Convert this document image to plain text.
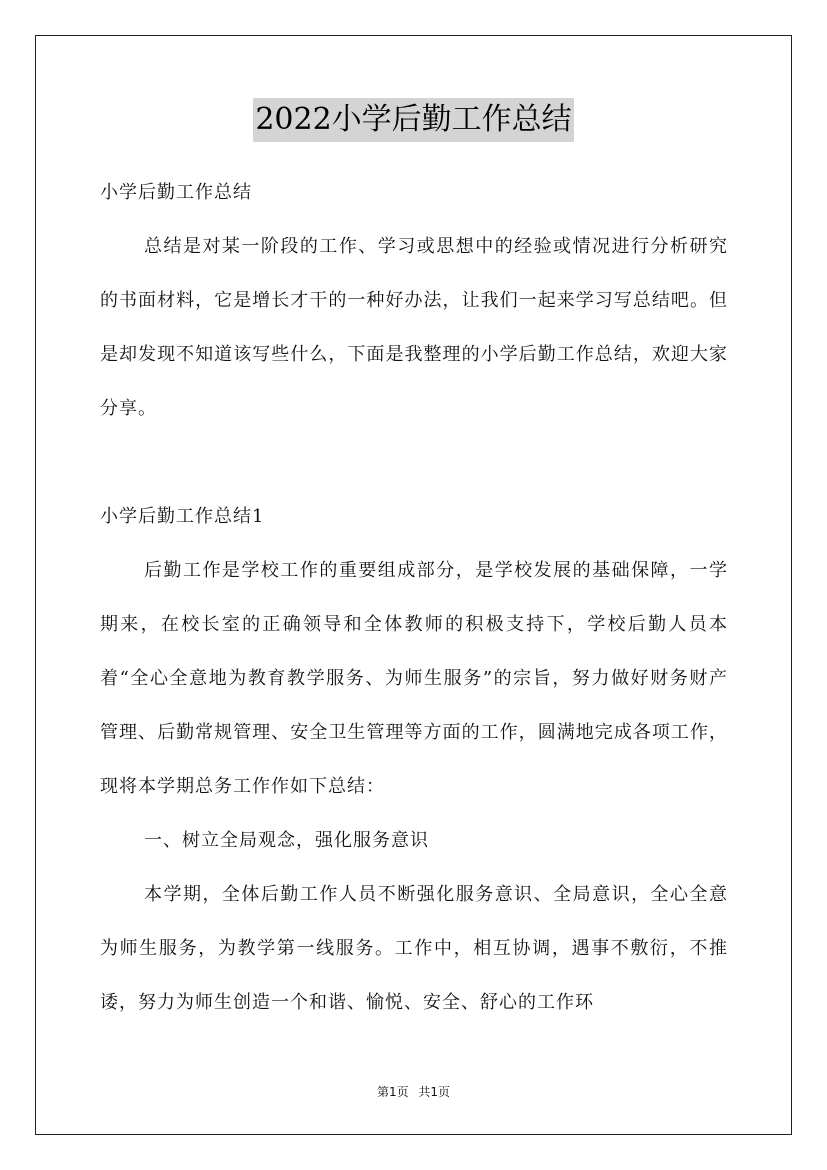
2022小学后勤工作总结

小学后勤工作总结

总结是对某一阶段的工作、学习或思想中的经验或情况进行分析研究的书面材料，它是增长才干的一种好办法，让我们一起来学习写总结吧。但是却发现不知道该写些什么，下面是我整理的小学后勤工作总结，欢迎大家分享。

小学后勤工作总结1

后勤工作是学校工作的重要组成部分，是学校发展的基础保障，一学期来，在校长室的正确领导和全体教师的积极支持下，学校后勤人员本着“全心全意地为教育教学服务、为师生服务”的宗旨，努力做好财务财产管理、后勤常规管理、安全卫生管理等方面的工作，圆满地完成各项工作，现将本学期总务工作作如下总结：

一、树立全局观念，强化服务意识

本学期，全体后勤工作人员不断强化服务意识、全局意识，全心全意为师生服务，为教学第一线服务。工作中，相互协调，遇事不敷衍，不推诿，努力为师生创造一个和谐、愉悦、安全、舒心的工作环

第1页 共1页
